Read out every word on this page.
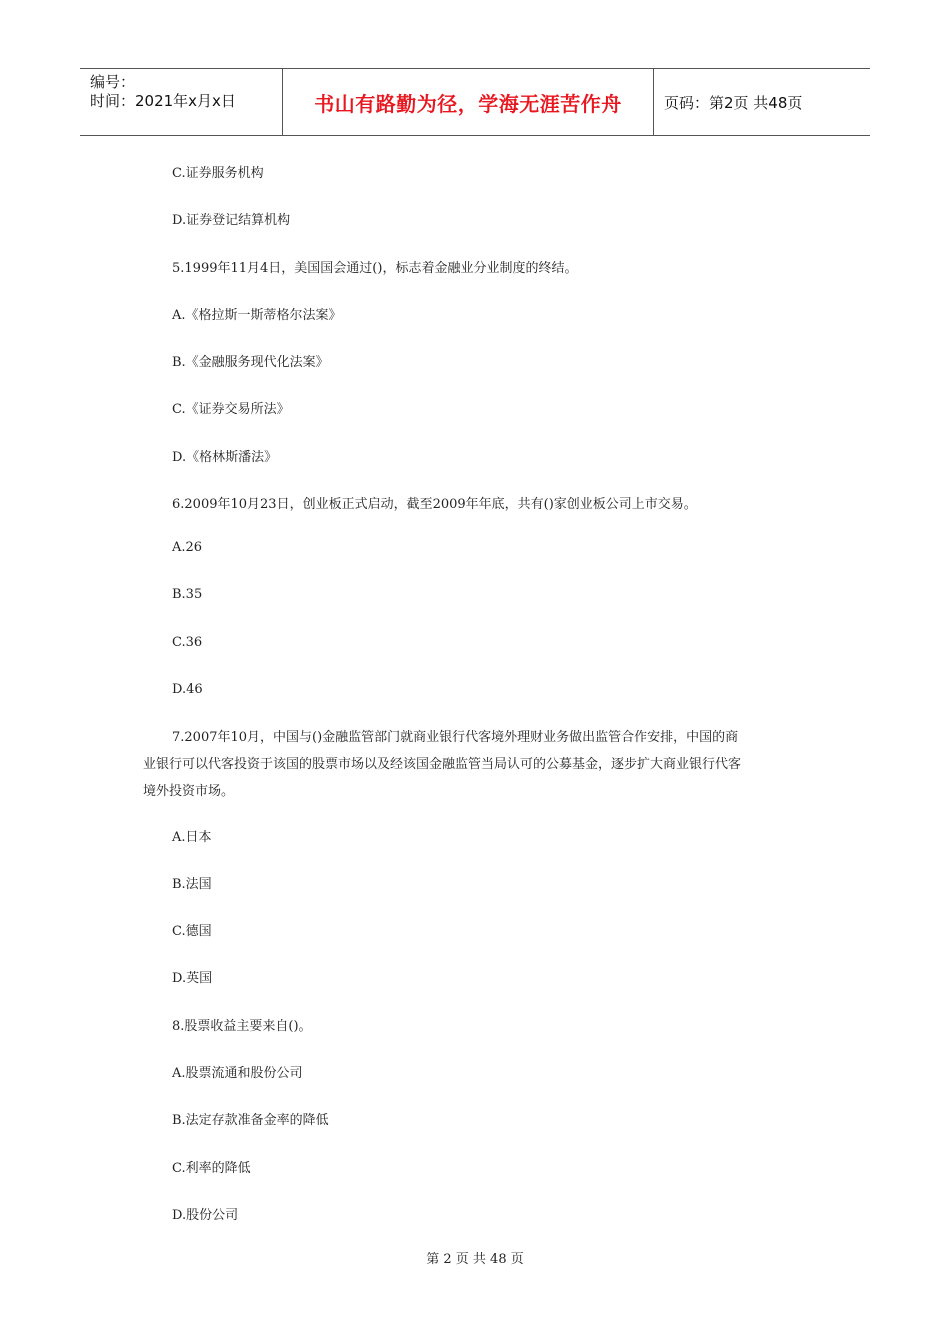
编号：
时间：2021年x月x日	书山有路勤为径，学海无涯苦作舟	页码：第2页 共48页
C.证券服务机构
D.证券登记结算机构
5.1999年11月4日，美国国会通过()，标志着金融业分业制度的终结。
A.《格拉斯一斯蒂格尔法案》
B.《金融服务现代化法案》
C.《证券交易所法》
D.《格林斯潘法》
6.2009年10月23日，创业板正式启动，截至2009年年底，共有()家创业板公司上市交易。
A.26
B.35
C.36
D.46
7.2007年10月，中国与()金融监管部门就商业银行代客境外理财业务做出监管合作安排，中国的商
业银行可以代客投资于该国的股票市场以及经该国金融监管当局认可的公募基金，逐步扩大商业银行代客
境外投资市场。
A.日本
B.法国
C.德国
D.英国
8.股票收益主要来自()。
A.股票流通和股份公司
B.法定存款准备金率的降低
C.利率的降低
D.股份公司
第 2 页 共 48 页
